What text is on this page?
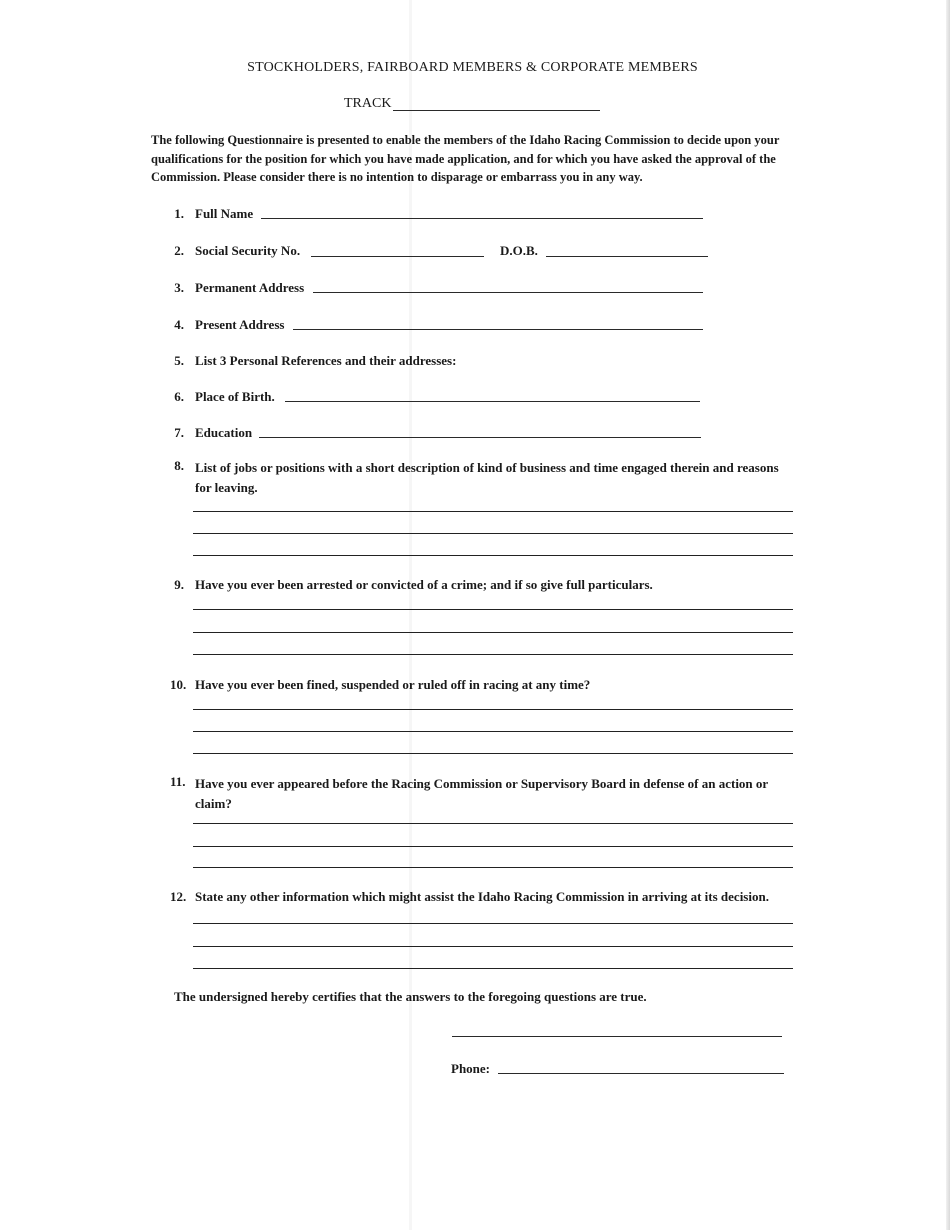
STOCKHOLDERS, FAIRBOARD MEMBERS & CORPORATE MEMBERS
TRACK
The following Questionnaire is presented to enable the members of the Idaho Racing Commission to decide upon your qualifications for the position for which you have made application, and for which you have asked the approval of the Commission. Please consider there is no intention to disparage or embarrass you in any way.
1. Full Name
2. Social Security No.	D.O.B.
3. Permanent Address
4. Present Address
5. List 3 Personal References and their addresses:
6. Place of Birth.
7. Education
8. List of jobs or positions with a short description of kind of business and time engaged therein and reasons for leaving.
9. Have you ever been arrested or convicted of a crime; and if so give full particulars.
10. Have you ever been fined, suspended or ruled off in racing at any time?
11. Have you ever appeared before the Racing Commission or Supervisory Board in defense of an action or claim?
12. State any other information which might assist the Idaho Racing Commission in arriving at its decision.
The undersigned hereby certifies that the answers to the foregoing questions are true.
Phone:
